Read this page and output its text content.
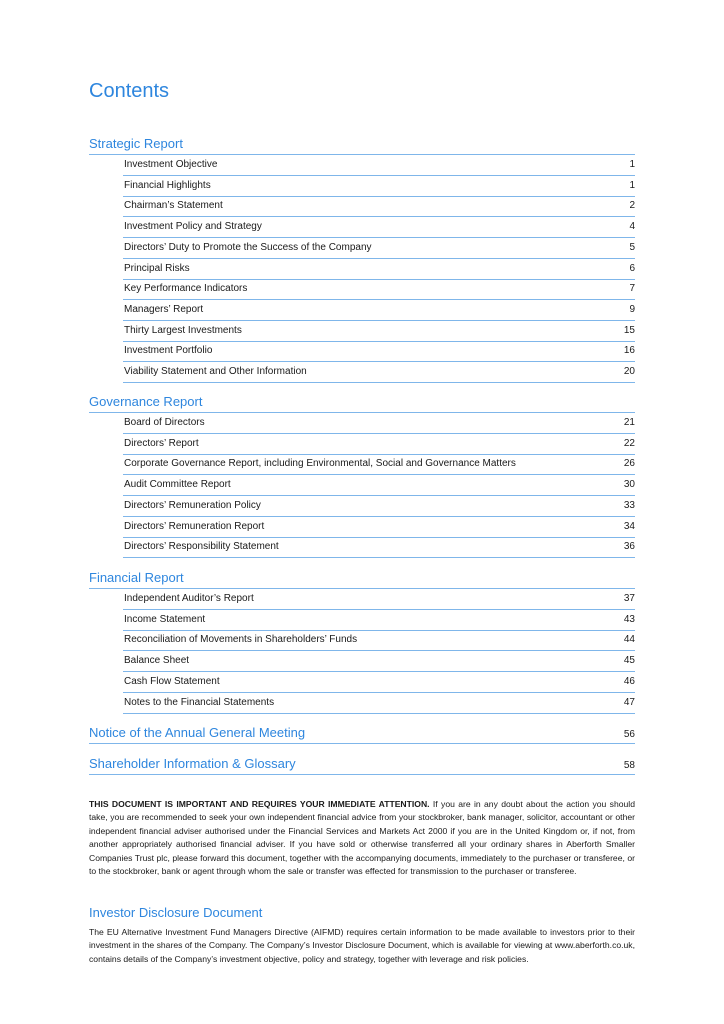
Contents
Strategic Report
Investment Objective	1
Financial Highlights	1
Chairman’s Statement	2
Investment Policy and Strategy	4
Directors’ Duty to Promote the Success of the Company	5
Principal Risks	6
Key Performance Indicators	7
Managers’ Report	9
Thirty Largest Investments	15
Investment Portfolio	16
Viability Statement and Other Information	20
Governance Report
Board of Directors	21
Directors’ Report	22
Corporate Governance Report, including Environmental, Social and Governance Matters	26
Audit Committee Report	30
Directors’ Remuneration Policy	33
Directors’ Remuneration Report	34
Directors’ Responsibility Statement	36
Financial Report
Independent Auditor’s Report	37
Income Statement	43
Reconciliation of Movements in Shareholders’ Funds	44
Balance Sheet	45
Cash Flow Statement	46
Notes to the Financial Statements	47
Notice of the Annual General Meeting	56
Shareholder Information & Glossary	58

THIS DOCUMENT IS IMPORTANT AND REQUIRES YOUR IMMEDIATE ATTENTION. If you are in any doubt about the action you should take, you are recommended to seek your own independent financial advice from your stockbroker, bank manager, solicitor, accountant or other independent financial adviser authorised under the Financial Services and Markets Act 2000 if you are in the United Kingdom or, if not, from another appropriately authorised financial adviser. If you have sold or otherwise transferred all your ordinary shares in Aberforth Smaller Companies Trust plc, please forward this document, together with the accompanying documents, immediately to the purchaser or transferee, or to the stockbroker, bank or agent through whom the sale or transfer was effected for transmission to the purchaser or transferee.

Investor Disclosure Document

The EU Alternative Investment Fund Managers Directive (AIFMD) requires certain information to be made available to investors prior to their investment in the shares of the Company. The Company’s Investor Disclosure Document, which is available for viewing at www.aberforth.co.uk, contains details of the Company’s investment objective, policy and strategy, together with leverage and risk policies.
